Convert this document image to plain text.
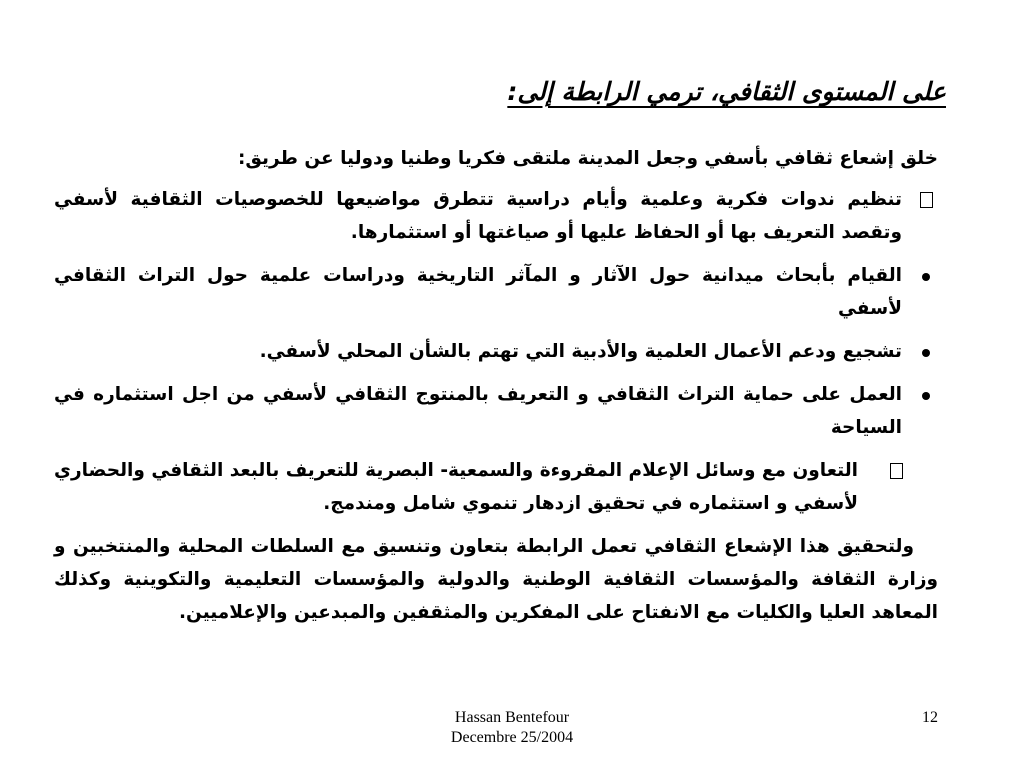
على المستوى الثقافي، ترمي الرابطة إلى:

خلق إشعاع ثقافي بأسفي وجعل المدينة ملتقى فكريا وطنيا ودوليا عن طريق:

تنظيم ندوات فكرية وعلمية وأيام دراسية تتطرق مواضيعها للخصوصيات الثقافية لأسفي وتقصد التعريف بها أو الحفاظ عليها أو صياغتها أو استثمارها.
القيام بأبحاث ميدانية حول الآثار و المآثر التاريخية ودراسات علمية حول التراث الثقافي لأسفي
تشجيع ودعم الأعمال العلمية والأدبية التي تهتم بالشأن المحلي لأسفي.
العمل على حماية التراث الثقافي و التعريف بالمنتوج الثقافي لأسفي من اجل استثماره في السياحة
التعاون مع وسائل الإعلام المقروءة والسمعية- البصرية للتعريف بالبعد الثقافي والحضاري لأسفي و استثماره في تحقيق ازدهار تنموي شامل ومندمج.

ولتحقيق هذا الإشعاع الثقافي تعمل الرابطة بتعاون وتنسيق مع السلطات المحلية والمنتخبين و وزارة الثقافة والمؤسسات الثقافية الوطنية والدولية والمؤسسات التعليمية والتكوينية وكذلك المعاهد العليا والكليات مع الانفتاح على المفكرين والمثقفين والمبدعين والإعلاميين.

Hassan Bentefour
Decembre 25/2004
12
